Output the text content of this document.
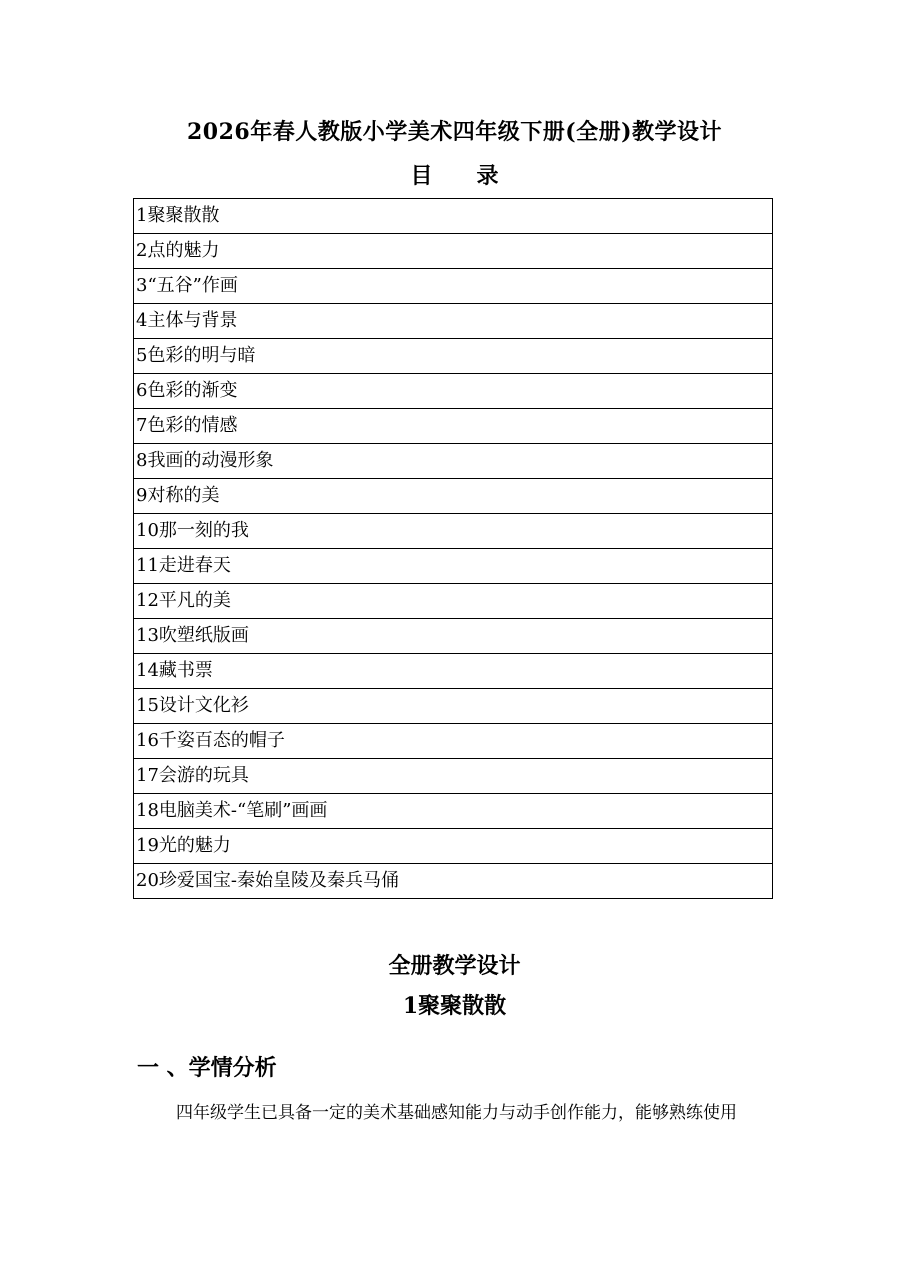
2026年春人教版小学美术四年级下册(全册)教学设计
目 录
1聚聚散散
2点的魅力
3“五谷”作画
4主体与背景
5色彩的明与暗
6色彩的渐变
7色彩的情感
8我画的动漫形象
9对称的美
10那一刻的我
11走进春天
12平凡的美
13吹塑纸版画
14藏书票
15设计文化衫
16千姿百态的帽子
17会游的玩具
18电脑美术-“笔刷”画画
19光的魅力
20珍爱国宝-秦始皇陵及秦兵马俑
全册教学设计
1聚聚散散
一 、学情分析
四年级学生已具备一定的美术基础感知能力与动手创作能力，能够熟练使用
